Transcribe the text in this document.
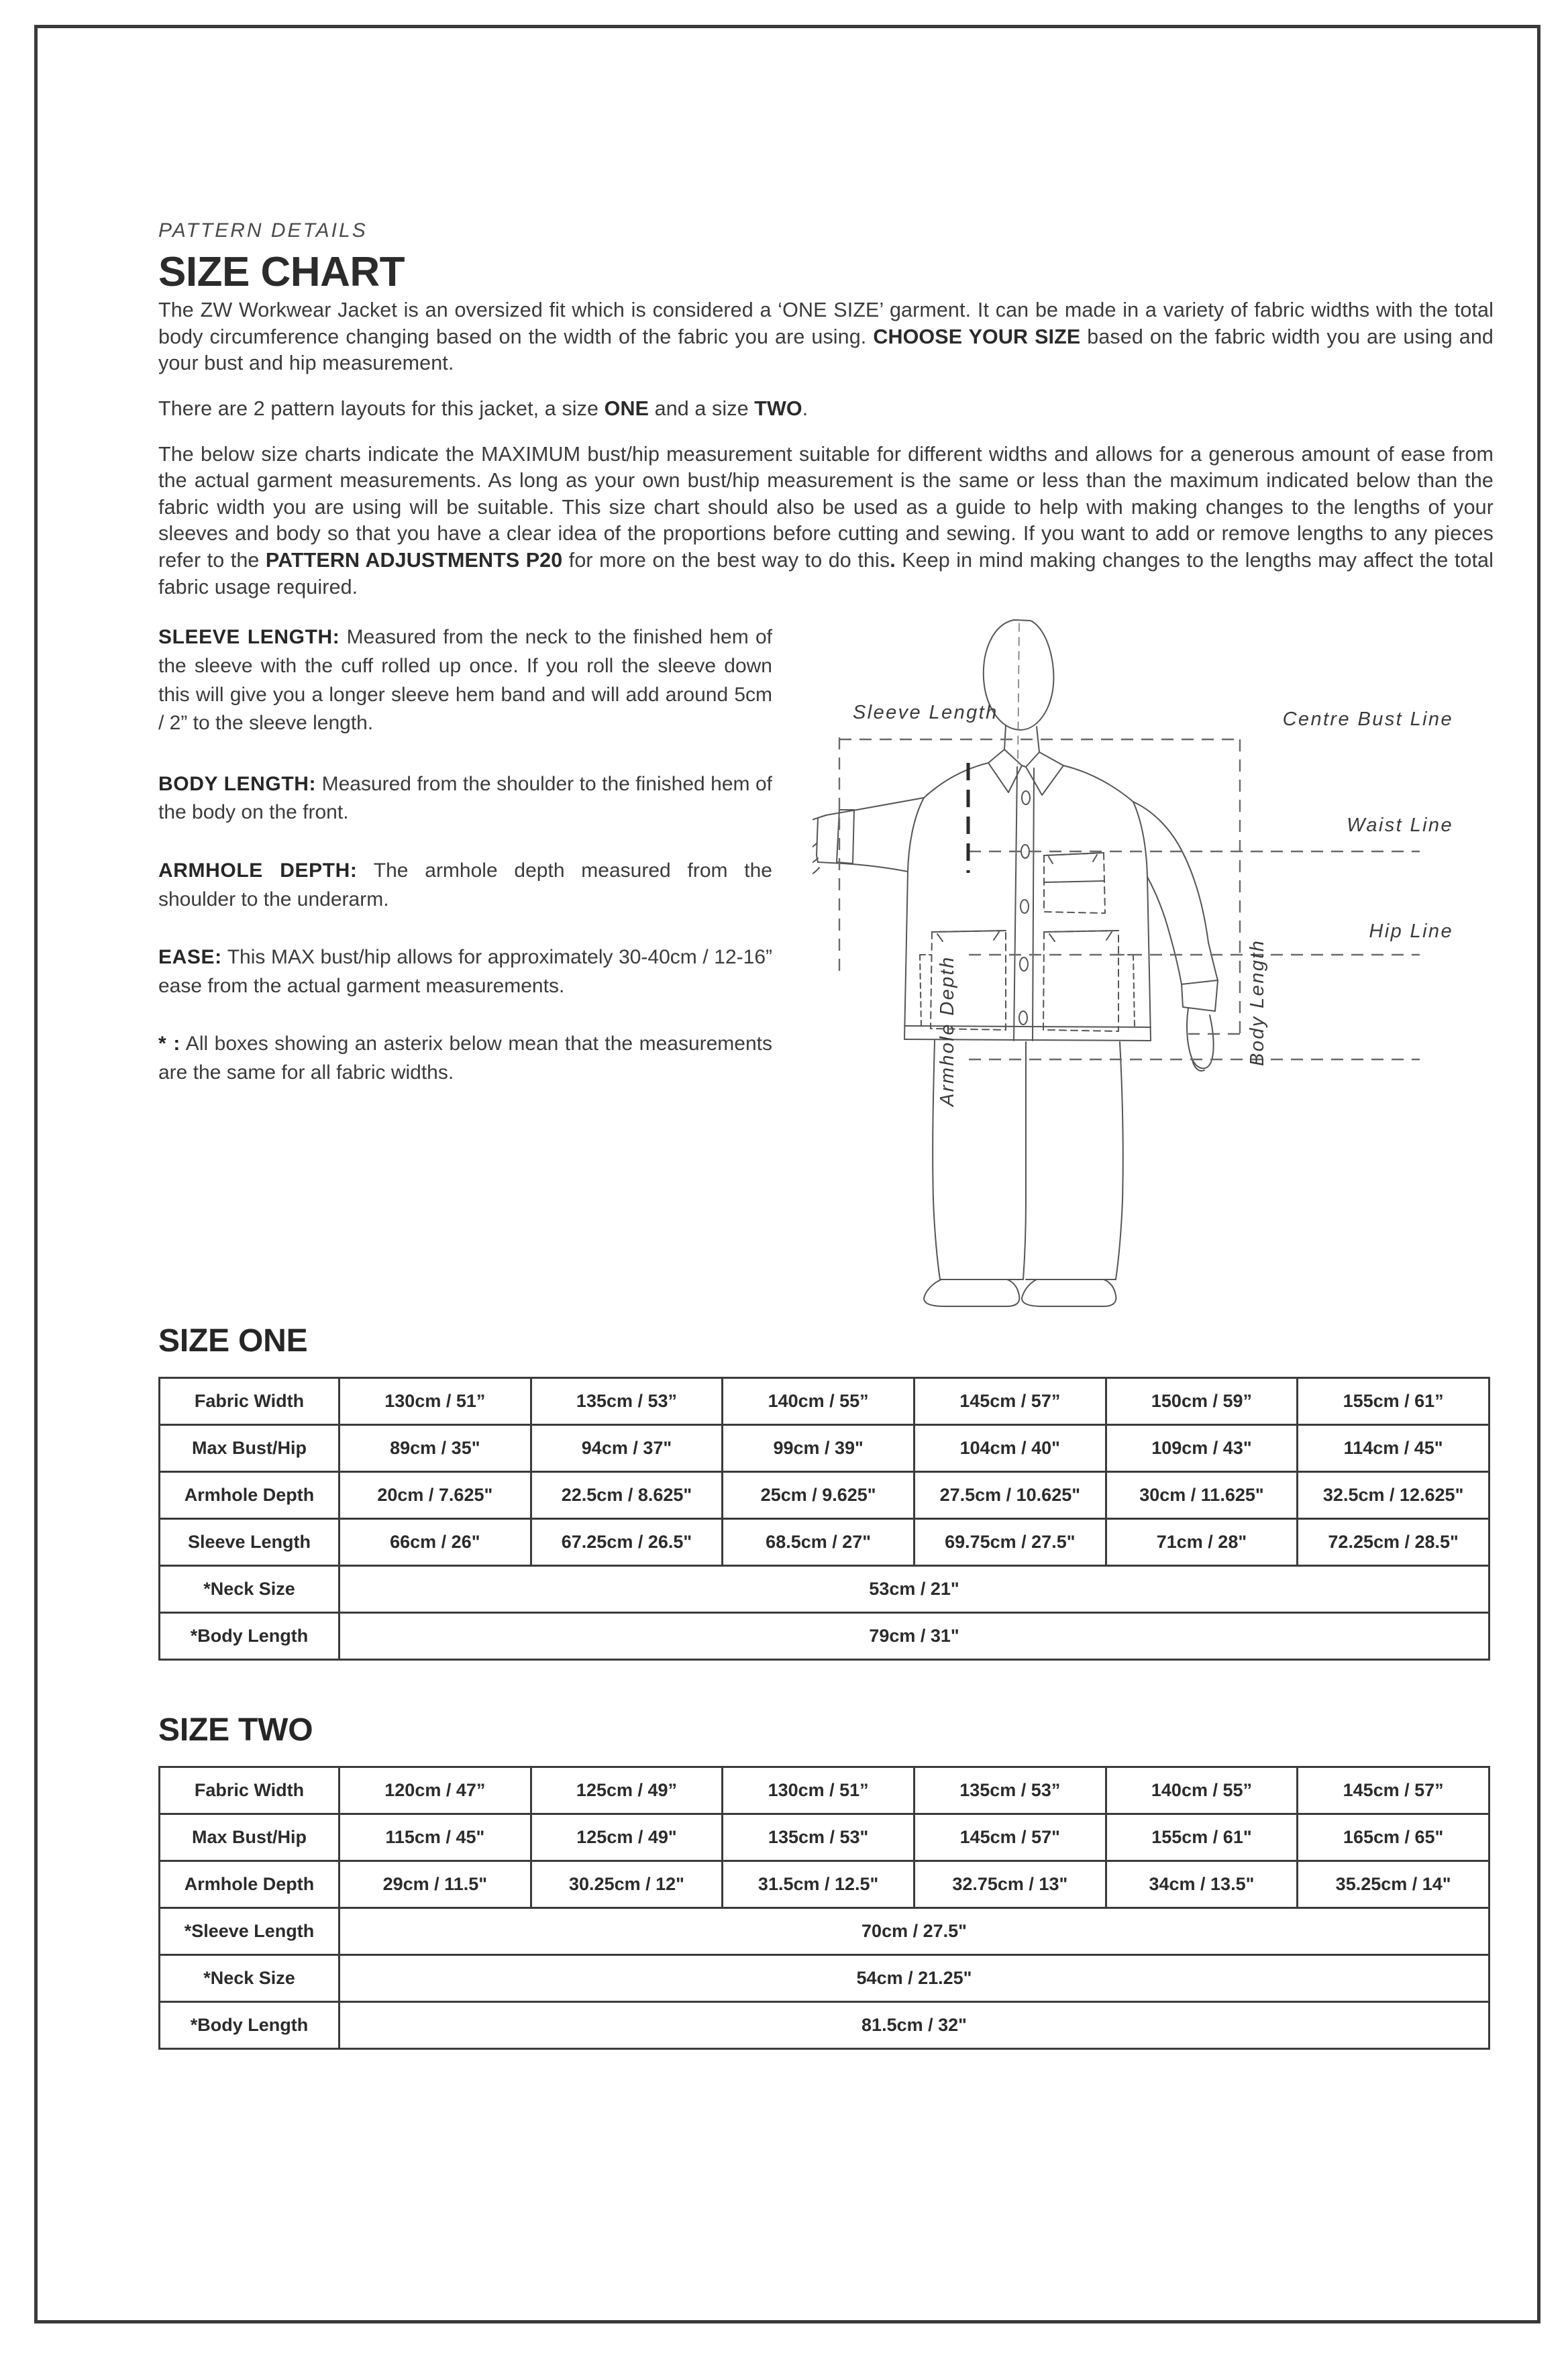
PATTERN DETAILS
SIZE CHART

The ZW Workwear Jacket is an oversized fit which is considered a ‘ONE SIZE’ garment. It can be made in a variety of fabric widths with the total body circumference changing based on the width of the fabric you are using. CHOOSE YOUR SIZE based on the fabric width you are using and your bust and hip measurement.

There are 2 pattern layouts for this jacket, a size ONE and a size TWO.

The below size charts indicate the MAXIMUM bust/hip measurement suitable for different widths and allows for a generous amount of ease from the actual garment measurements. As long as your own bust/hip measurement is the same or less than the maximum indicated below than the fabric width you are using will be suitable. This size chart should also be used as a guide to help with making changes to the lengths of your sleeves and body so that you have a clear idea of the proportions before cutting and sewing. If you want to add or remove lengths to any pieces refer to the PATTERN ADJUSTMENTS P20 for more on the best way to do this. Keep in mind making changes to the lengths may affect the total fabric usage required.

SLEEVE LENGTH: Measured from the neck to the finished hem of the sleeve with the cuff rolled up once. If you roll the sleeve down this will give you a longer sleeve hem band and will add around 5cm / 2” to the sleeve length.

BODY LENGTH: Measured from the shoulder to the finished hem of the body on the front.

ARMHOLE DEPTH: The armhole depth measured from the shoulder to the underarm.

EASE: This MAX bust/hip allows for approximately 30-40cm / 12-16” ease from the actual garment measurements.

* : All boxes showing an asterix below mean that the measurements are the same for all fabric widths.

Sleeve Length	Centre Bust Line
Waist Line
Hip Line
Armhole Depth	Body Length
SIZE ONE
Fabric Width	130cm / 51”	135cm / 53”	140cm / 55”	145cm / 57”	150cm / 59”	155cm / 61”
Max Bust/Hip	89cm / 35"	94cm / 37"	99cm / 39"	104cm / 40"	109cm / 43"	114cm / 45"
Armhole Depth	20cm / 7.625"	22.5cm / 8.625"	25cm / 9.625"	27.5cm / 10.625"	30cm / 11.625"	32.5cm / 12.625"
Sleeve Length	66cm / 26"	67.25cm / 26.5"	68.5cm / 27"	69.75cm / 27.5"	71cm / 28"	72.25cm / 28.5"
*Neck Size	53cm / 21"					
*Body Length	79cm / 31"					
SIZE TWO
Fabric Width	120cm / 47”	125cm / 49”	130cm / 51”	135cm / 53”	140cm / 55”	145cm / 57”
Max Bust/Hip	115cm / 45"	125cm / 49"	135cm / 53"	145cm / 57"	155cm / 61"	165cm / 65"
Armhole Depth	29cm / 11.5"	30.25cm / 12"	31.5cm / 12.5"	32.75cm / 13"	34cm / 13.5"	35.25cm / 14"
*Sleeve Length	70cm / 27.5"					
*Neck Size	54cm / 21.25"					
*Body Length	81.5cm / 32"					
